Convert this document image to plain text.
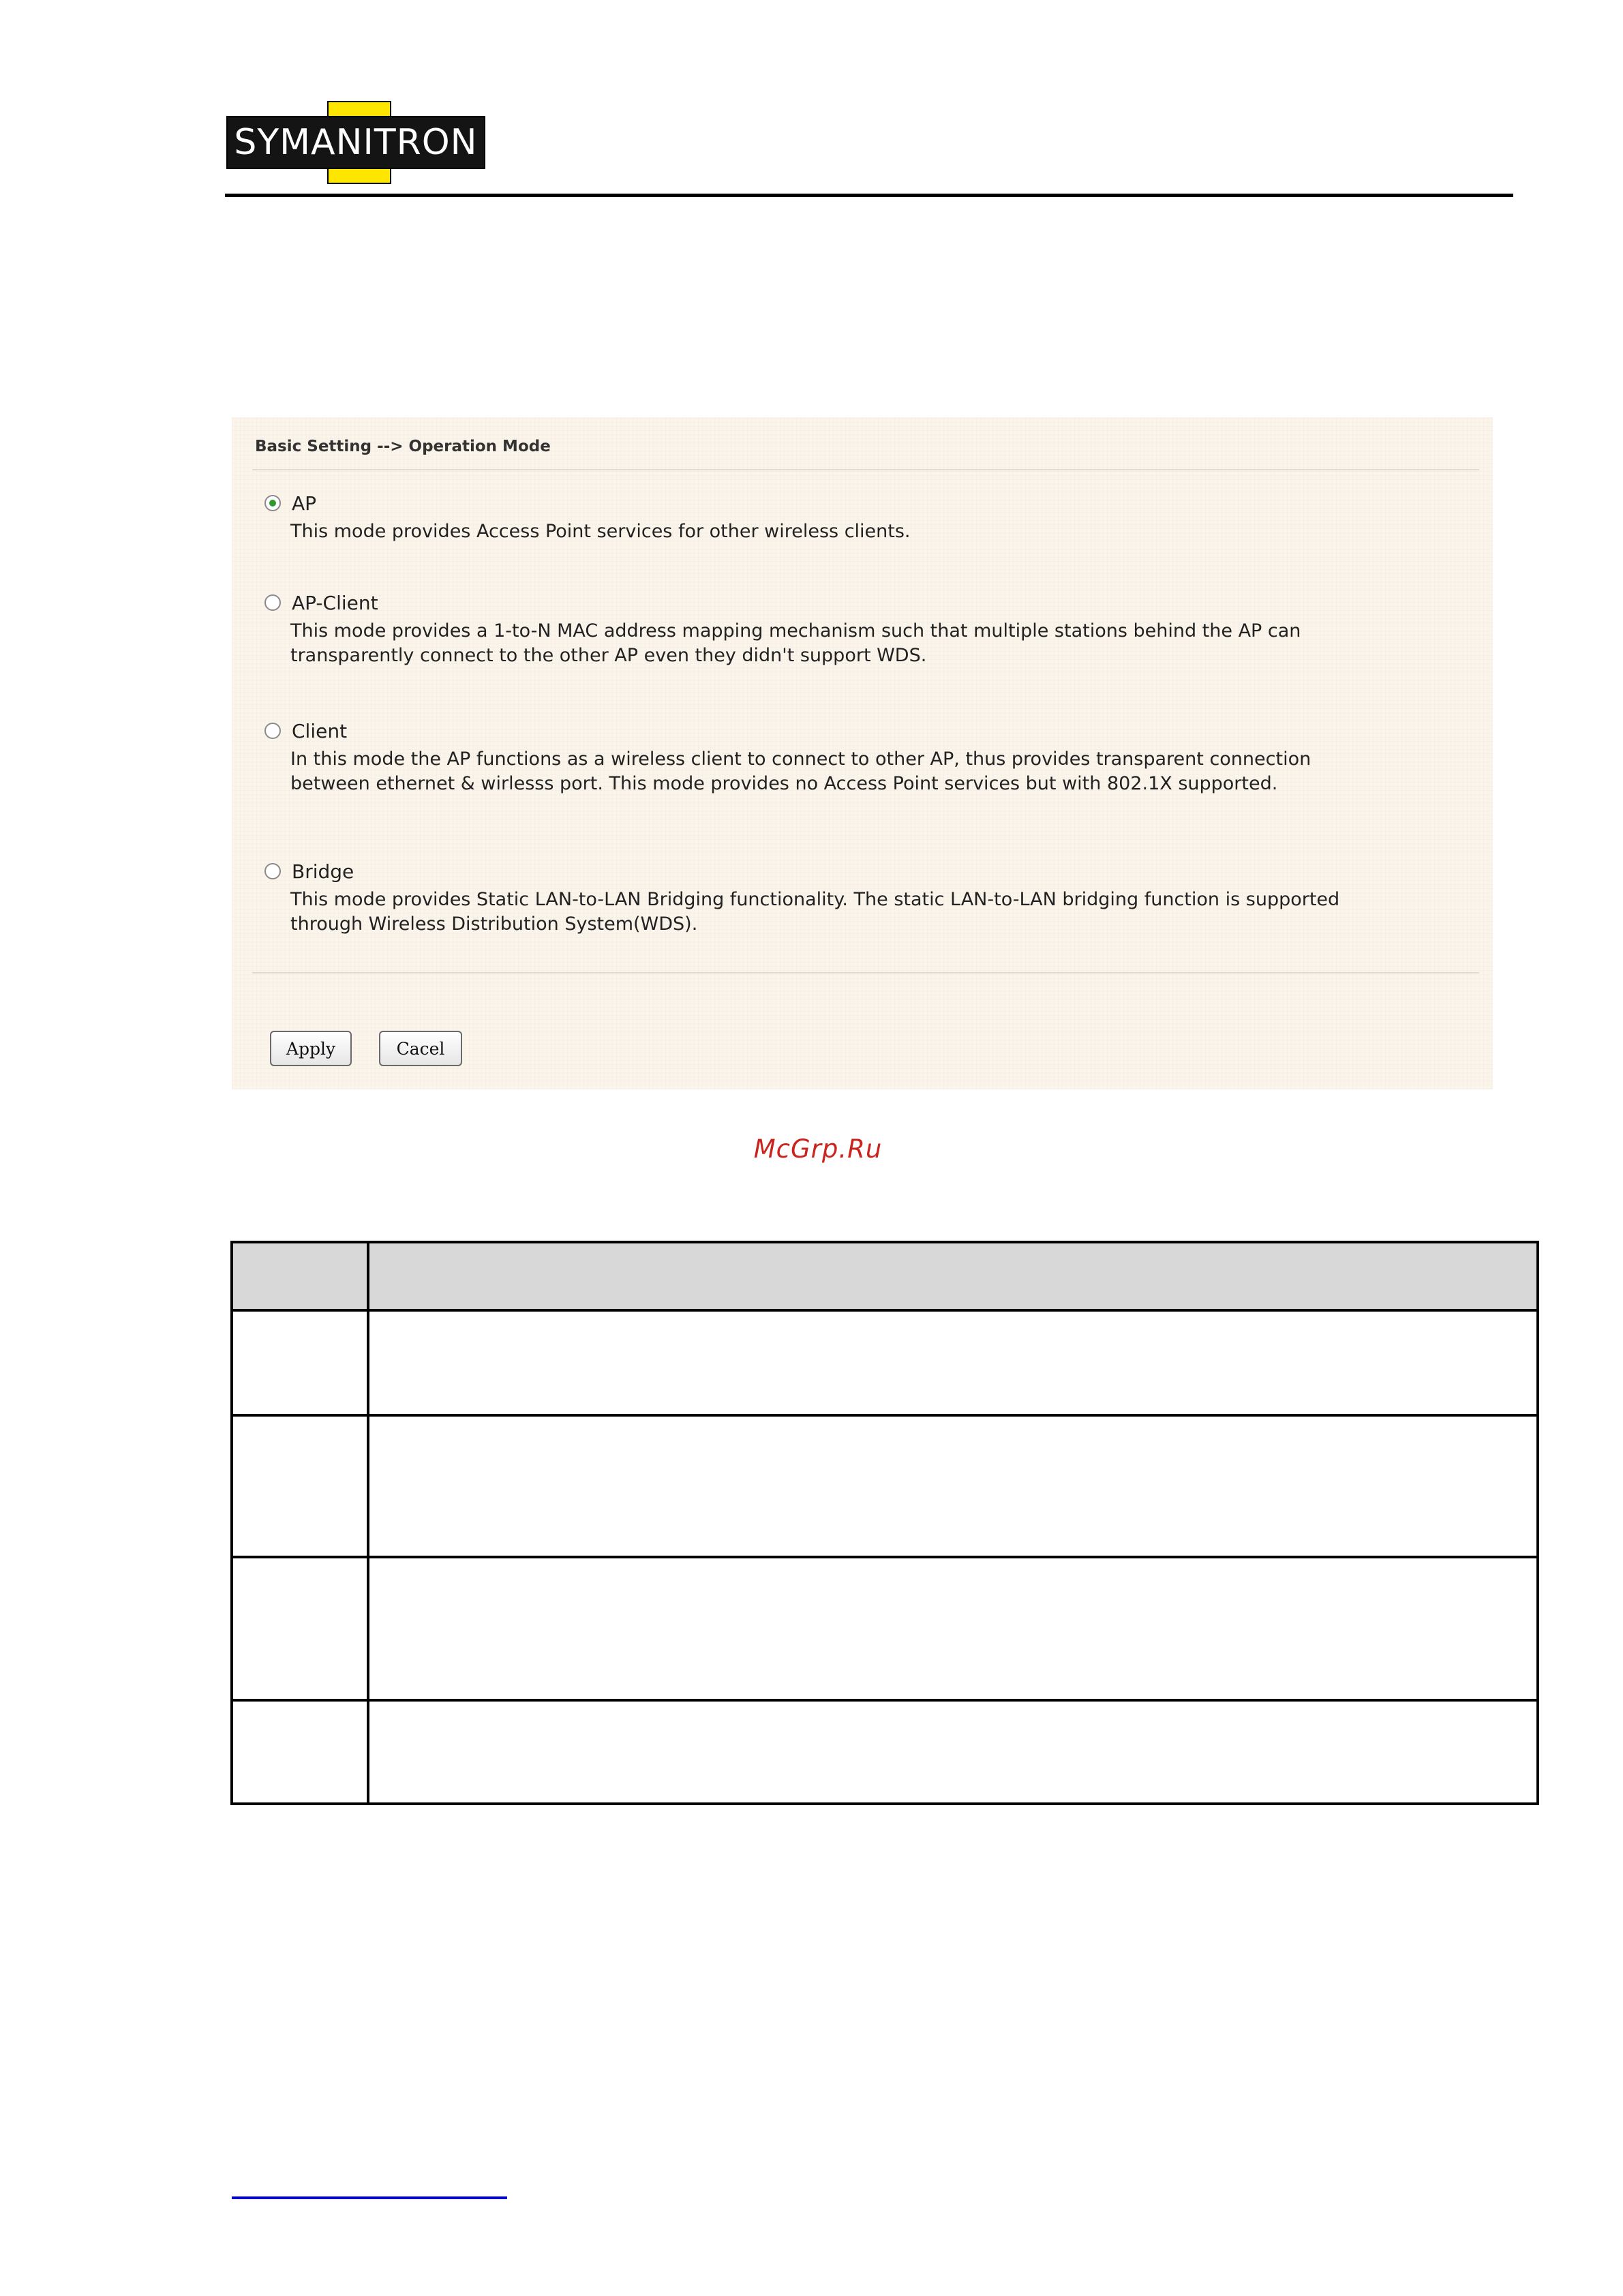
SYMANITRON
Basic Setting --> Operation Mode
AP
This mode provides Access Point services for other wireless clients.
AP-Client
This mode provides a 1-to-N MAC address mapping mechanism such that multiple stations behind the AP can transparently connect to the other AP even they didn't support WDS.
Client
In this mode the AP functions as a wireless client to connect to other AP, thus provides transparent connection between ethernet & wirlesss port. This mode provides no Access Point services but with 802.1X supported.
Bridge
This mode provides Static LAN-to-LAN Bridging functionality. The static LAN-to-LAN bridging function is supported through Wireless Distribution System(WDS).
Apply	Cacel
McGrp.Ru
